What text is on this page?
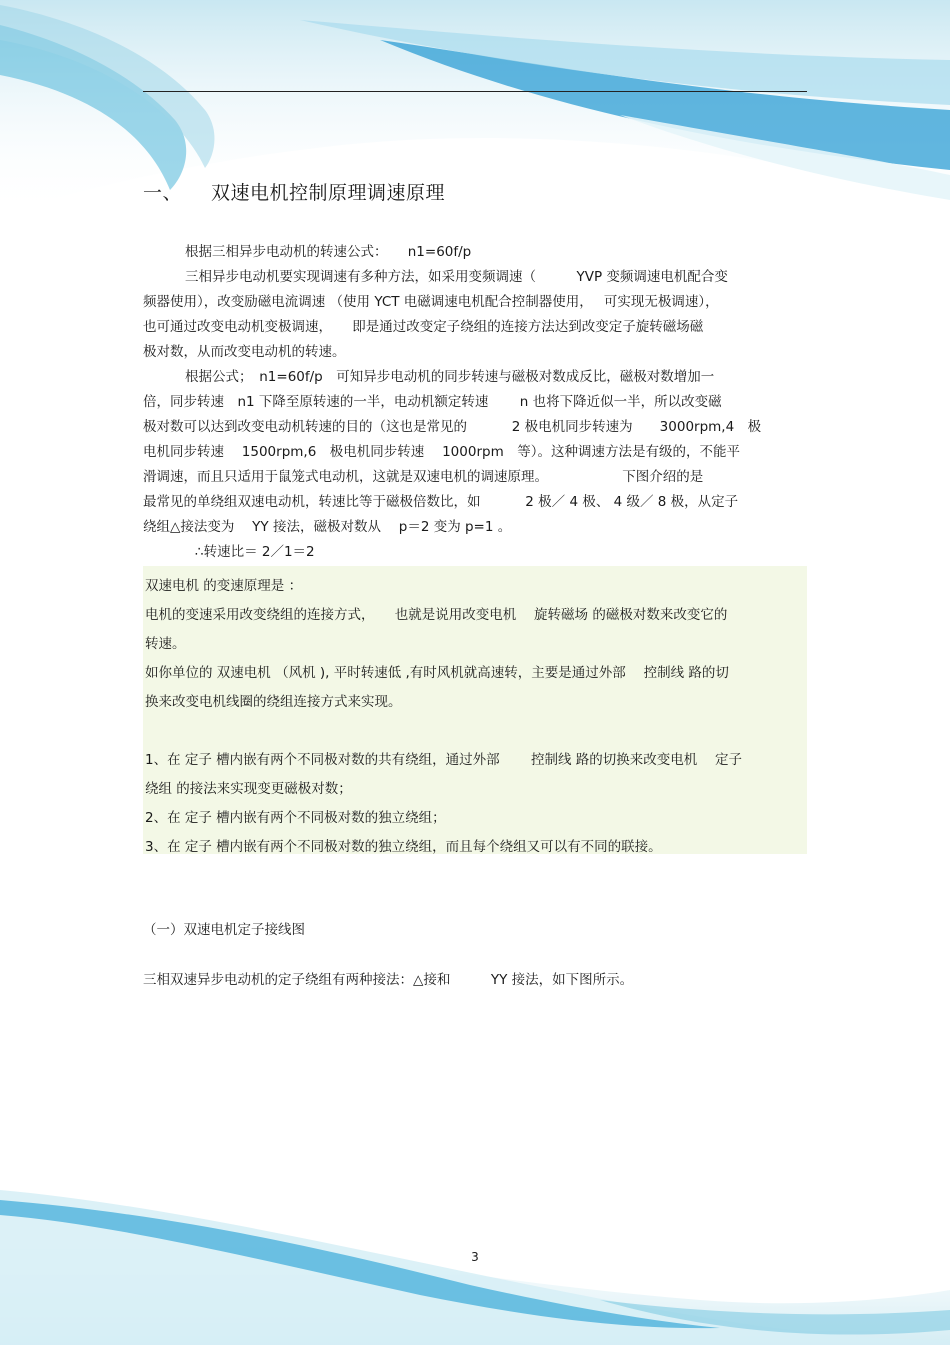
一、 双速电机控制原理调速原理
根据三相异步电动机的转速公式：　　n1=60f/p
三相异步电动机要实现调速有多种方法，如采用变频调速（　　　YVP 变频调速电机配合变
频器使用），改变励磁电流调速 （使用 YCT 电磁调速电机配合控制器使用，　 可实现无极调速），
也可通过改变电动机变极调速，　　即是通过改变定子绕组的连接方法达到改变定子旋转磁场磁
极对数，从而改变电动机的转速。
根据公式；　n1=60f/p　可知异步电动机的同步转速与磁极对数成反比，磁极对数增加一
倍，同步转速　n1 下降至原转速的一半，电动机额定转速　　 n 也将下降近似一半，所以改变磁
极对数可以达到改变电动机转速的目的（这也是常见的　　　 2 极电机同步转速为　　3000rpm,4　极
电机同步转速　 1500rpm,6　极电机同步转速　 1000rpm　等）。这种调速方法是有级的，不能平
滑调速，而且只适用于鼠笼式电动机，这就是双速电机的调速原理。　　　　　　下图介绍的是
最常见的单绕组双速电动机，转速比等于磁极倍数比，如　　　 2 极／ 4 极、 4 级／ 8 极，从定子
绕组△接法变为　 YY 接法，磁极对数从　 p＝2 变为 p=1 。
∴转速比＝ 2／1＝2
双速电机 的变速原理是 ：
电机的变速采用改变绕组的连接方式，　　也就是说用改变电机　 旋转磁场 的磁极对数来改变它的
转速。
如你单位的 双速电机 （风机 ), 平时转速低 ,有时风机就高速转，主要是通过外部　 控制线 路的切
换来改变电机线圈的绕组连接方式来实现。
1、在 定子 槽内嵌有两个不同极对数的共有绕组，通过外部　　 控制线 路的切换来改变电机　 定子
绕组 的接法来实现变更磁极对数；
2、在 定子 槽内嵌有两个不同极对数的独立绕组；
3、在 定子 槽内嵌有两个不同极对数的独立绕组，而且每个绕组又可以有不同的联接。
（一）双速电机定子接线图
三相双速异步电动机的定子绕组有两种接法：△接和　　　YY 接法，如下图所示。
3
